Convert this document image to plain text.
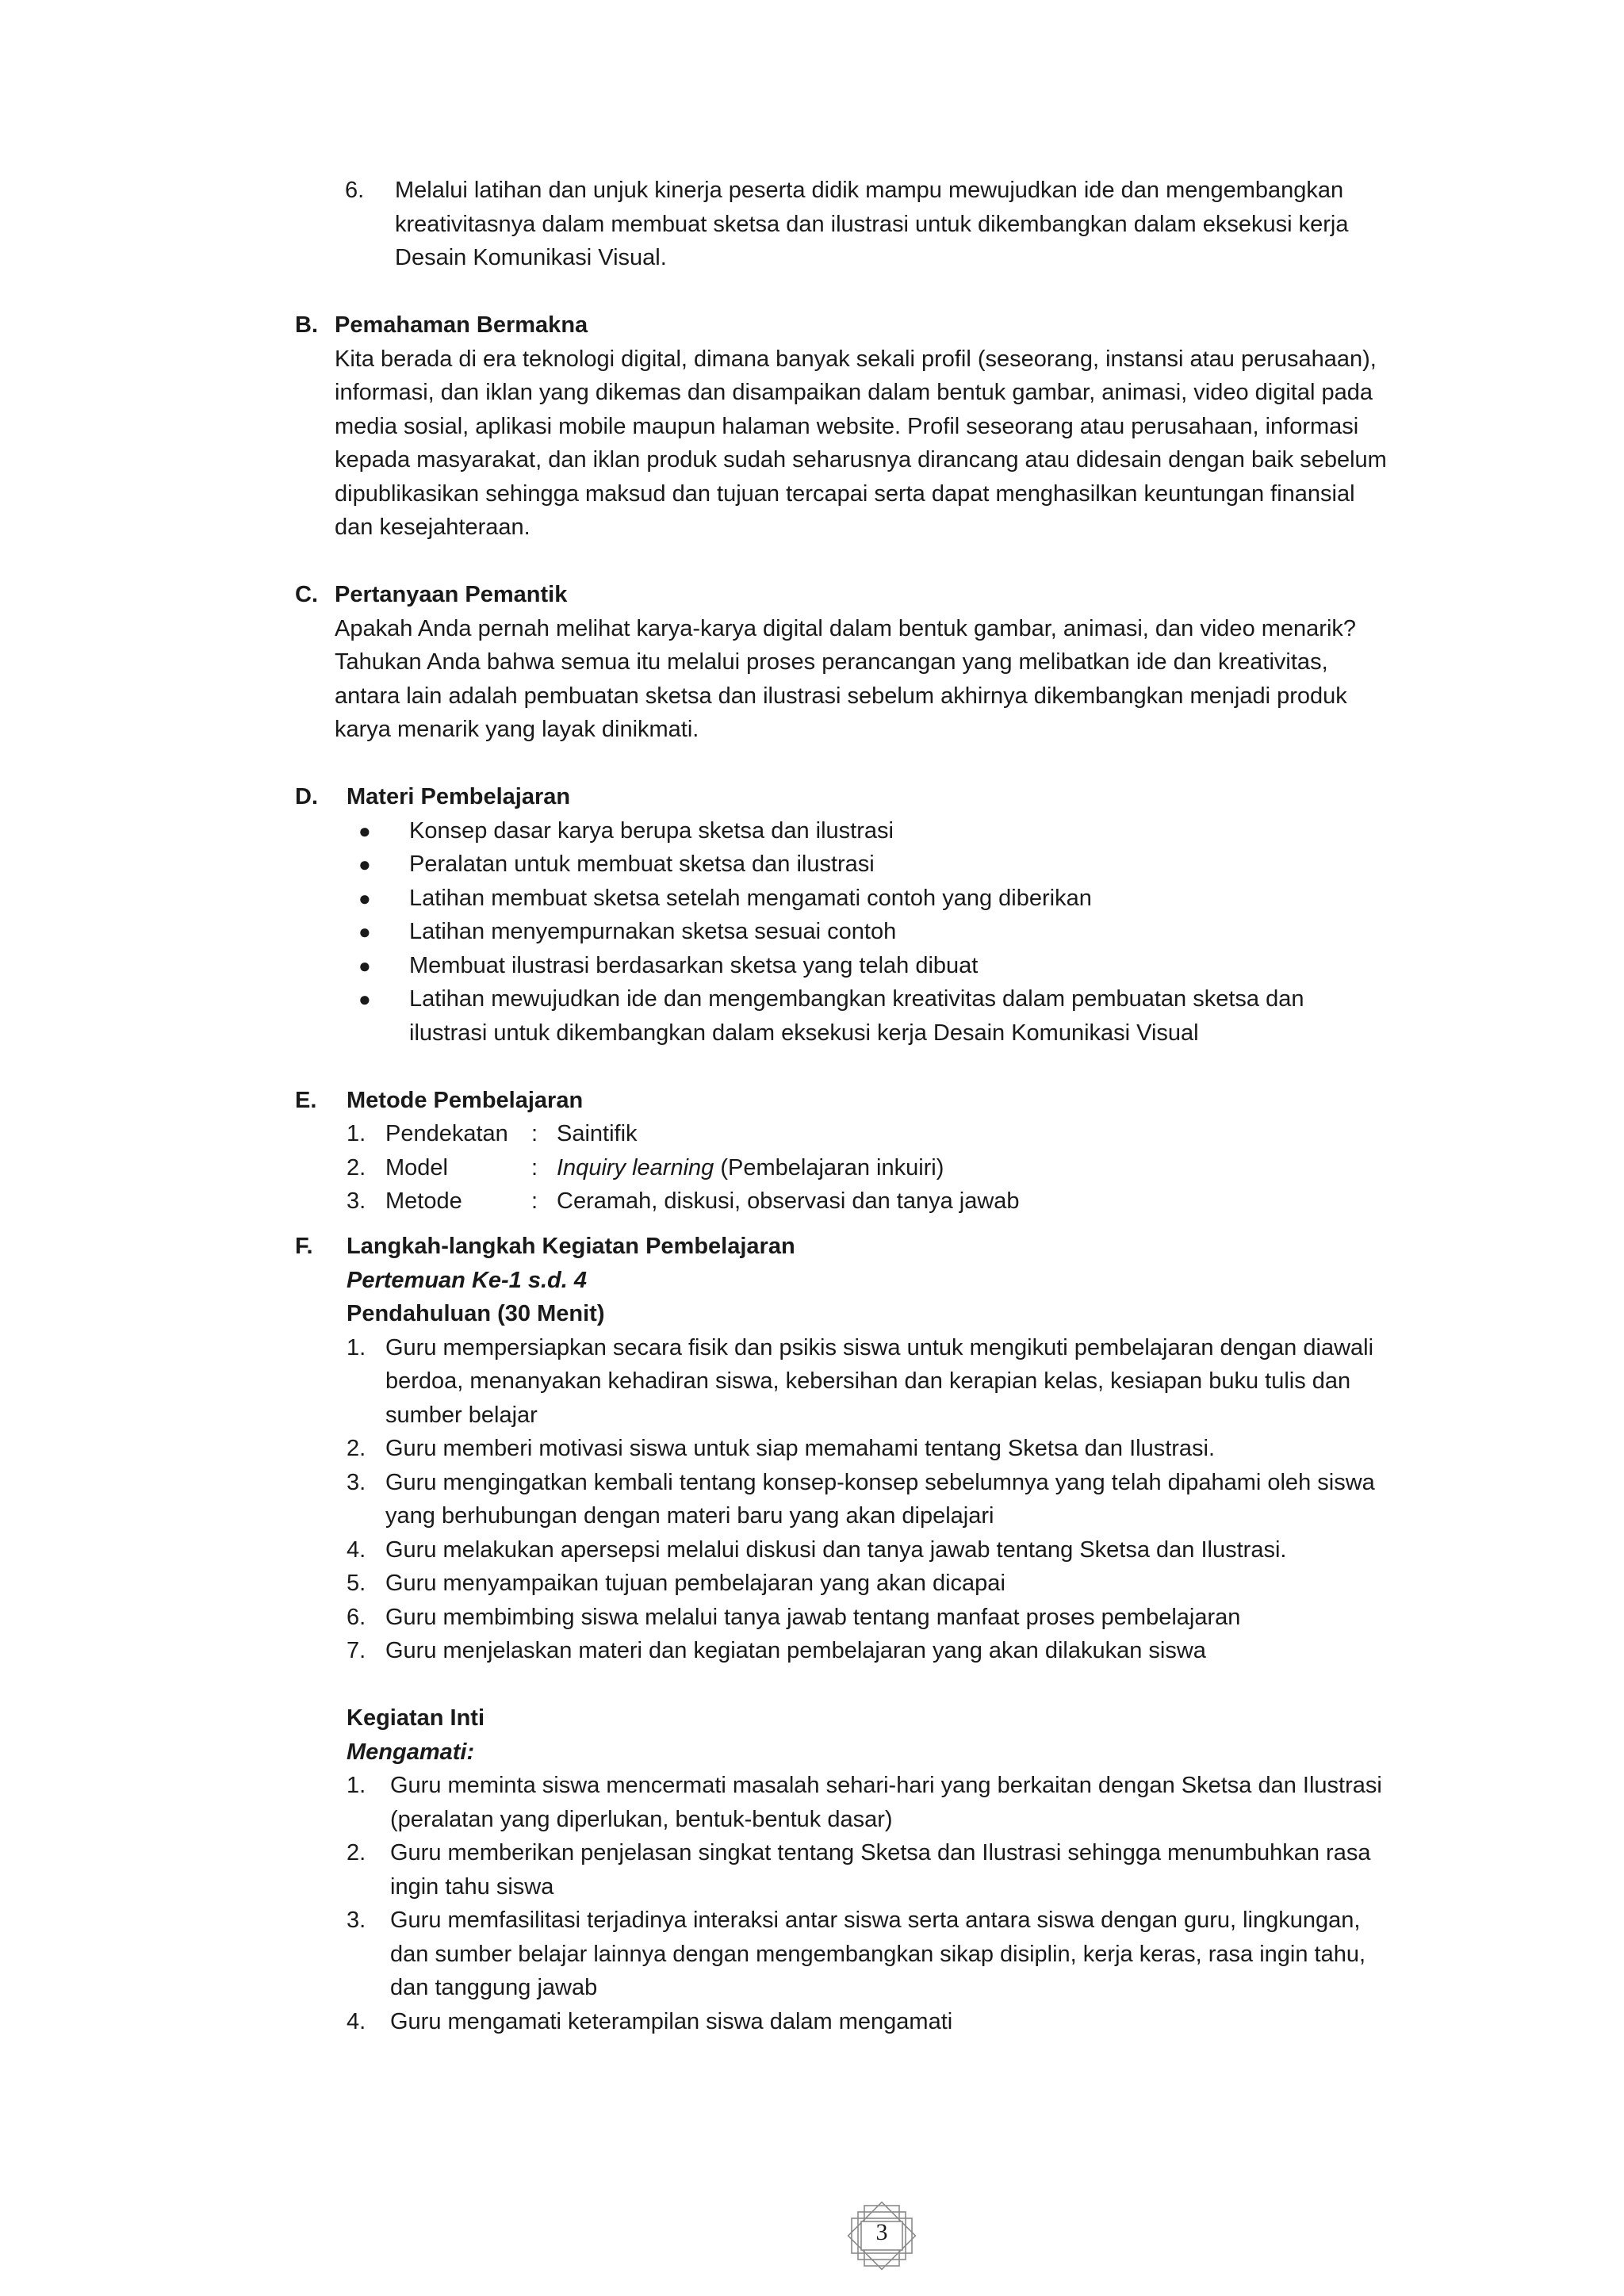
6. Melalui latihan dan unjuk kinerja peserta didik mampu mewujudkan ide dan mengembangkan
kreativitasnya dalam membuat sketsa dan ilustrasi untuk dikembangkan dalam eksekusi kerja
Desain Komunikasi Visual.
B. Pemahaman Bermakna
Kita berada di era teknologi digital, dimana banyak sekali profil (seseorang, instansi atau perusahaan),
informasi, dan iklan yang dikemas dan disampaikan dalam bentuk gambar, animasi, video digital pada
media sosial, aplikasi mobile maupun halaman website. Profil seseorang atau perusahaan, informasi
kepada masyarakat, dan iklan produk sudah seharusnya dirancang atau didesain dengan baik sebelum
dipublikasikan sehingga maksud dan tujuan tercapai serta dapat menghasilkan keuntungan finansial
dan kesejahteraan.
C. Pertanyaan Pemantik
Apakah Anda pernah melihat karya-karya digital dalam bentuk gambar, animasi, dan video menarik?
Tahukan Anda bahwa semua itu melalui proses perancangan yang melibatkan ide dan kreativitas,
antara lain adalah pembuatan sketsa dan ilustrasi sebelum akhirnya dikembangkan menjadi produk
karya menarik yang layak dinikmati.
D. Materi Pembelajaran
● Konsep dasar karya berupa sketsa dan ilustrasi
● Peralatan untuk membuat sketsa dan ilustrasi
● Latihan membuat sketsa setelah mengamati contoh yang diberikan
● Latihan menyempurnakan sketsa sesuai contoh
● Membuat ilustrasi berdasarkan sketsa yang telah dibuat
● Latihan mewujudkan ide dan mengembangkan kreativitas dalam pembuatan sketsa dan
ilustrasi untuk dikembangkan dalam eksekusi kerja Desain Komunikasi Visual
E. Metode Pembelajaran
1. Pendekatan : Saintifik
2. Model	: Inquiry learning (Pembelajaran inkuiri)
3. Metode	: Ceramah, diskusi, observasi dan tanya jawab
F. Langkah-langkah Kegiatan Pembelajaran
Pertemuan Ke-1 s.d. 4
Pendahuluan (30 Menit)
1. Guru mempersiapkan secara fisik dan psikis siswa untuk mengikuti pembelajaran dengan diawali
berdoa, menanyakan kehadiran siswa, kebersihan dan kerapian kelas, kesiapan buku tulis dan
sumber belajar
2. Guru memberi motivasi siswa untuk siap memahami tentang Sketsa dan Ilustrasi.
3. Guru mengingatkan kembali tentang konsep-konsep sebelumnya yang telah dipahami oleh siswa
yang berhubungan dengan materi baru yang akan dipelajari
4. Guru melakukan apersepsi melalui diskusi dan tanya jawab tentang Sketsa dan Ilustrasi.
5. Guru menyampaikan tujuan pembelajaran yang akan dicapai
6. Guru membimbing siswa melalui tanya jawab tentang manfaat proses pembelajaran
7. Guru menjelaskan materi dan kegiatan pembelajaran yang akan dilakukan siswa
Kegiatan Inti
Mengamati:
1. Guru meminta siswa mencermati masalah sehari-hari yang berkaitan dengan Sketsa dan Ilustrasi
(peralatan yang diperlukan, bentuk-bentuk dasar)
2. Guru memberikan penjelasan singkat tentang Sketsa dan Ilustrasi sehingga menumbuhkan rasa
ingin tahu siswa
3. Guru memfasilitasi terjadinya interaksi antar siswa serta antara siswa dengan guru, lingkungan,
dan sumber belajar lainnya dengan mengembangkan sikap disiplin, kerja keras, rasa ingin tahu,
dan tanggung jawab
4. Guru mengamati keterampilan siswa dalam mengamati
3
